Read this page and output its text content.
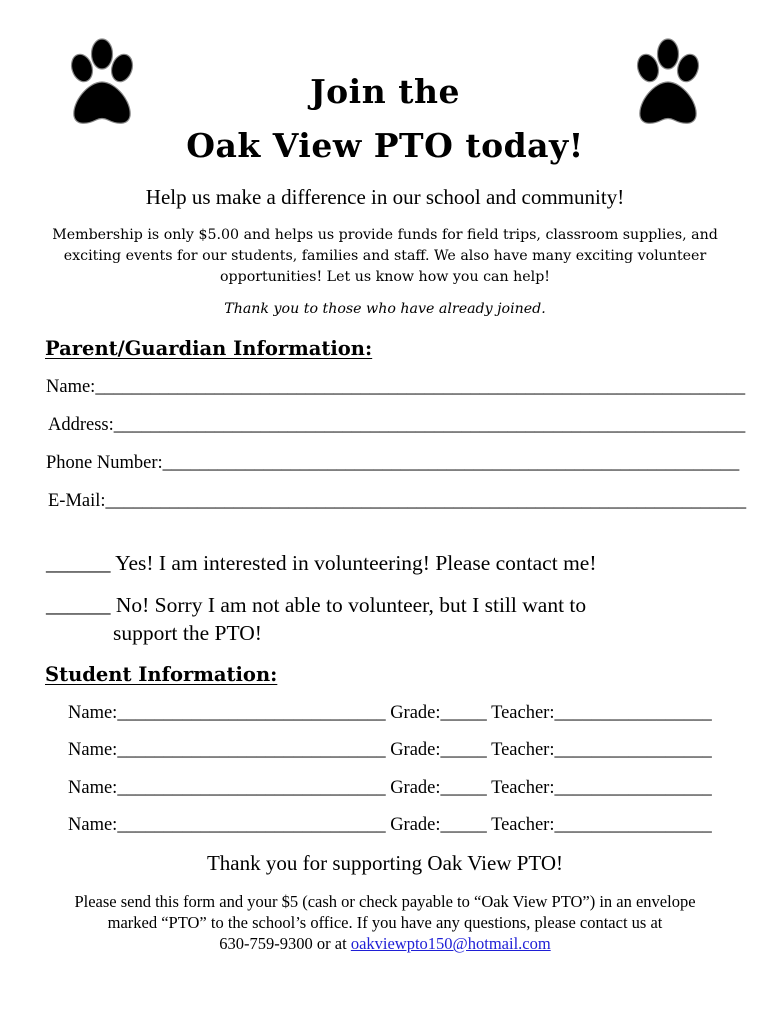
Join the
Oak View PTO today!
Help us make a difference in our school and community!
Membership is only $5.00 and helps us provide funds for field trips, classroom supplies, and exciting events for our students, families and staff. We also have many exciting volunteer opportunities! Let us know how you can help!
Thank you to those who have already joined.
Parent/Guardian Information:
Name:_______________________________________________________________________
Address:_____________________________________________________________________
Phone Number:_______________________________________________________________
E-Mail:______________________________________________________________________
______ Yes! I am interested in volunteering! Please contact me!
______ No! Sorry I am not able to volunteer, but I still want to
support the PTO!
Student Information:
Name:_____________________________ Grade:_____ Teacher:_________________
Name:_____________________________ Grade:_____ Teacher:_________________
Name:_____________________________ Grade:_____ Teacher:_________________
Name:_____________________________ Grade:_____ Teacher:_________________
Thank you for supporting Oak View PTO!
Please send this form and your $5 (cash or check payable to “Oak View PTO”) in an envelope
marked “PTO” to the school’s office. If you have any questions, please contact us at
630-759-9300 or at oakviewpto150@hotmail.com
